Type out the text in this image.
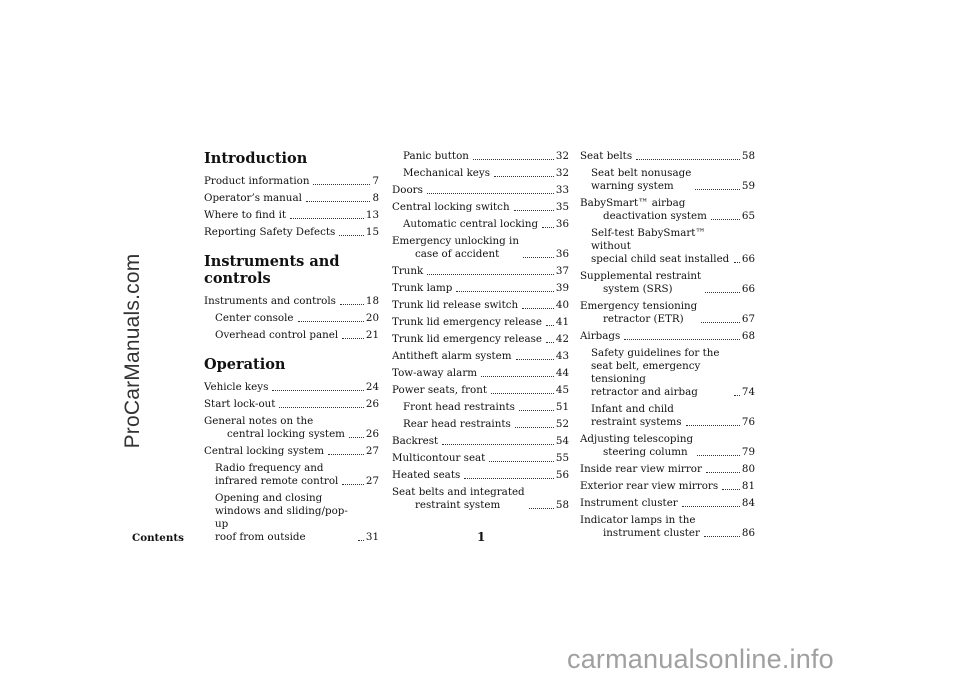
ProCarManuals.com
Introduction
Product information	7
Operator’s manual	8
Where to find it	13
Reporting Safety Defects	15
Instruments and controls
Instruments and controls	18
Center console	20
Overhead control panel	21
Operation
Vehicle keys	24
Start lock-out	26
General notes on the
central locking system 26
Central locking system	27
Radio frequency and
infrared remote control	27
Opening and closing
windows and sliding/pop-up
roof from outside	31
Panic button	32
Mechanical keys	32
Doors	33
Central locking switch	35
Automatic central locking 36
Emergency unlocking in
case of accident	36
Trunk	37
Trunk lamp	39
Trunk lid release switch	40
Trunk lid emergency release 41
Trunk lid emergency release 42
Antitheft alarm system	43
Tow-away alarm	44
Power seats, front	45
Front head restraints	51
Rear head restraints	52
Backrest	54
Multicontour seat	55
Heated seats	56
Seat belts and integrated
restraint system	58
Seat belts	58
Seat belt nonusage
warning system	59
BabySmart™ airbag
deactivation system	65
Self-test BabySmart™ without
special child seat installed 66
Supplemental restraint
system (SRS)	66
Emergency tensioning
retractor (ETR)	67
Airbags	68
Safety guidelines for the
seat belt, emergency tensioning
retractor and airbag	74
Infant and child
restraint systems	76
Adjusting telescoping
steering column	79
Inside rear view mirror	80
Exterior rear view mirrors 81
Instrument cluster	84
Indicator lamps in the
instrument cluster	86
Contents	1
carmanualsonline.info
